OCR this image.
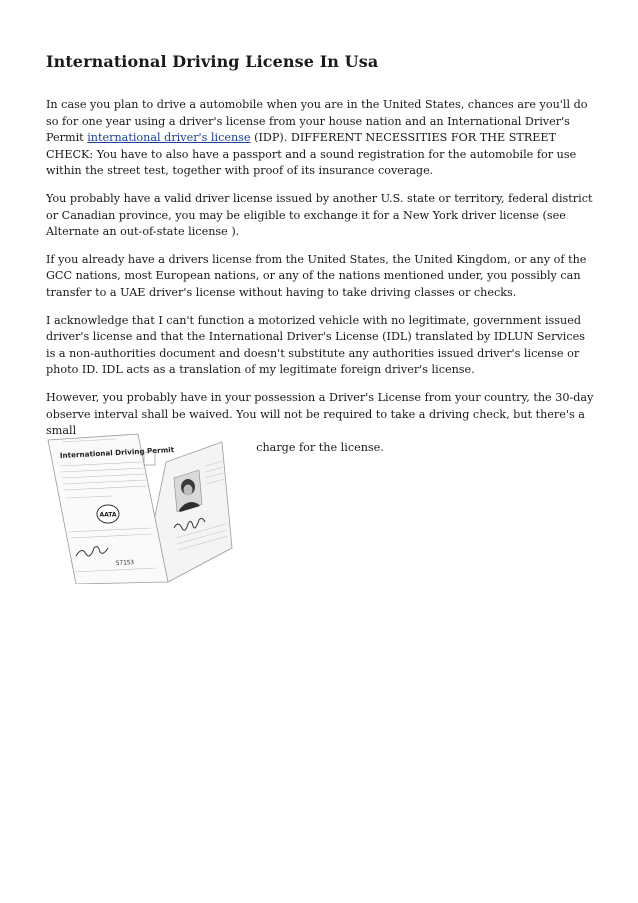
International Driving License In Usa

In case you plan to drive a automobile when you are in the United States, chances are you'll do so for one year using a driver's license from your house nation and an International Driver's Permit international driver's license (IDP). DIFFERENT NECESSITIES FOR THE STREET CHECK: You have to also have a passport and a sound registration for the automobile for use within the street test, together with proof of its insurance coverage.

You probably have a valid driver license issued by another U.S. state or territory, federal district or Canadian province, you may be eligible to exchange it for a New York driver license (see Alternate an out-of-state license ).

If you already have a drivers license from the United States, the United Kingdom, or any of the GCC nations, most European nations, or any of the nations mentioned under, you possibly can transfer to a UAE driver's license without having to take driving classes or checks.

I acknowledge that I can't function a motorized vehicle with no legitimate, government issued driver's license and that the International Driver's License (IDL) translated by IDLUN Services is a non-authorities document and doesn't substitute any authorities issued driver's license or photo ID. IDL acts as a translation of my legitimate foreign driver's license.

However, you probably have in your possession a Driver's License from your country, the 30-day observe interval shall be waived. You will not be required to take a driving check, but there's a small
charge for the license.

International Driving Permit
AATA
57153
